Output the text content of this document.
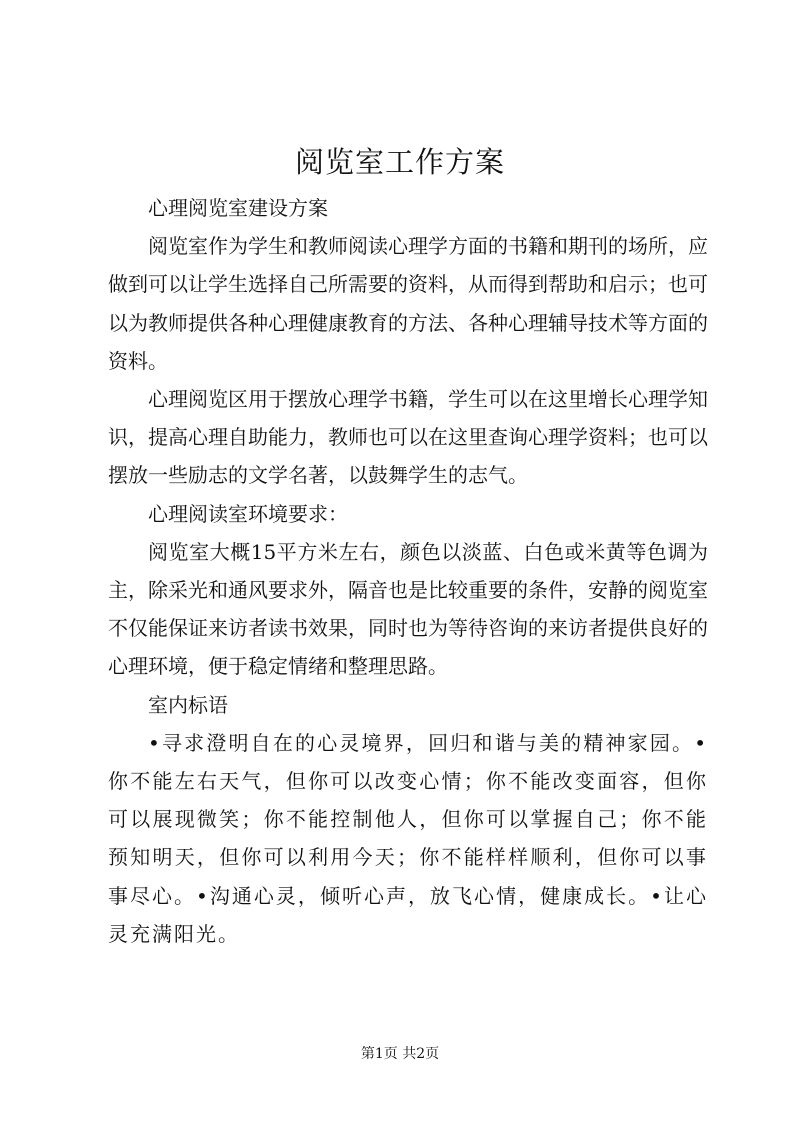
阅览室工作方案

心理阅览室建设方案

阅览室作为学生和教师阅读心理学方面的书籍和期刊的场所，应做到可以让学生选择自己所需要的资料，从而得到帮助和启示；也可以为教师提供各种心理健康教育的方法、各种心理辅导技术等方面的资料。

心理阅览区用于摆放心理学书籍，学生可以在这里增长心理学知识，提高心理自助能力，教师也可以在这里查询心理学资料；也可以摆放一些励志的文学名著，以鼓舞学生的志气。

心理阅读室环境要求：

阅览室大概15平方米左右，颜色以淡蓝、白色或米黄等色调为主，除采光和通风要求外，隔音也是比较重要的条件，安静的阅览室不仅能保证来访者读书效果，同时也为等待咨询的来访者提供良好的心理环境，便于稳定情绪和整理思路。

室内标语

•寻求澄明自在的心灵境界，回归和谐与美的精神家园。•你不能左右天气，但你可以改变心情；你不能改变面容，但你可以展现微笑；你不能控制他人，但你可以掌握自己；你不能预知明天，但你可以利用今天；你不能样样顺利，但你可以事事尽心。•沟通心灵，倾听心声，放飞心情，健康成长。•让心灵充满阳光。

第1页 共2页
